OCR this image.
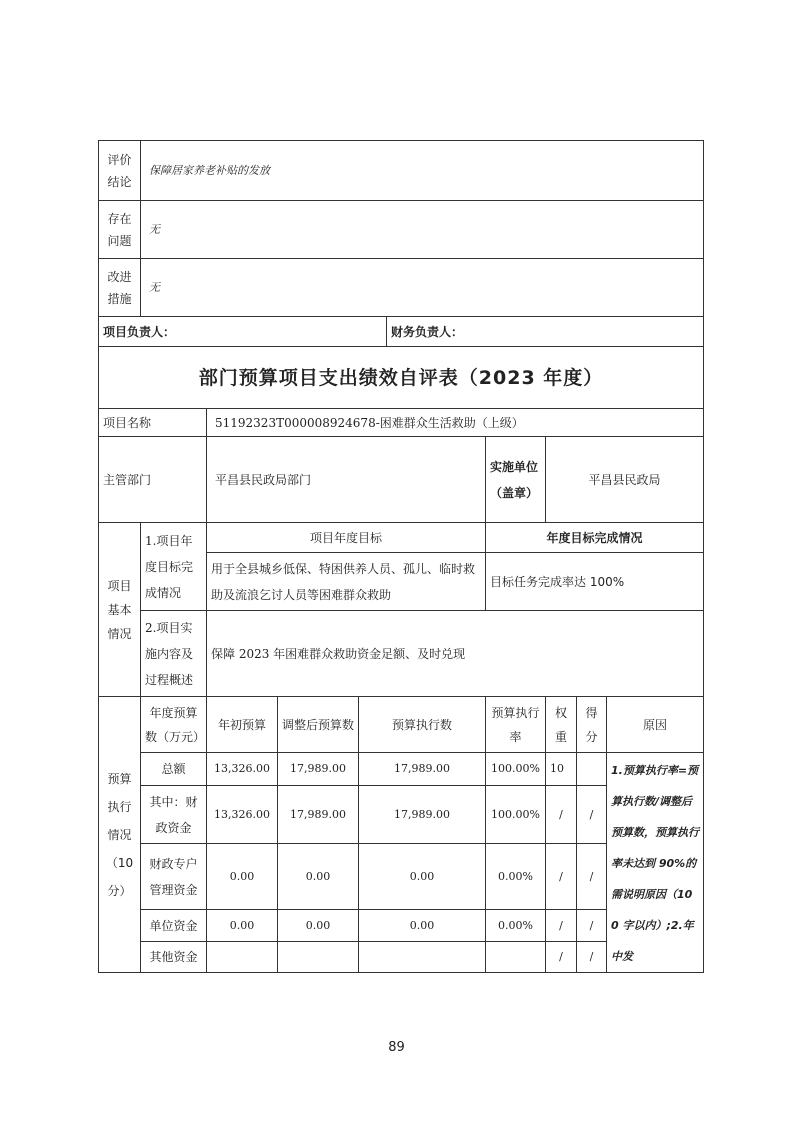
评价结论	保障居家养老补贴的发放	
存在问题	无	
改进措施	无	
项目负责人：		财务负责人：
部门预算项目支出绩效自评表（2023 年度）								
项目名称		51192323T000008924678-困难群众生活救助（上级）						
主管部门		平昌县民政局部门			实施单位（盖章）	平昌县民政局		
项目基本情况	1.项目年度目标完成情况	项目年度目标			年度目标完成情况			
		用于全县城乡低保、特困供养人员、孤儿、临时救助及流浪乞讨人员等困难群众救助			目标任务完成率达 100%			
	2.项目实施内容及过程概述	保障 2023 年困难群众救助资金足额、及时兑现						
预算执行情况（10分）	年度预算数（万元）	年初预算	调整后预算数	预算执行数	预算执行率	权重	得分	原因
	总额	13,326.00	17,989.00	17,989.00	100.00%	10		1.预算执行率=预算执行数/调整后预算数，预算执行率未达到 90%的需说明原因（100 字以内）;2.年中发
	其中：财政资金	13,326.00	17,989.00	17,989.00	100.00%	/	/	
	财政专户管理资金	0.00	0.00	0.00	0.00%	/	/	
	单位资金	0.00	0.00	0.00	0.00%	/	/	
	其他资金					/	/	
89
